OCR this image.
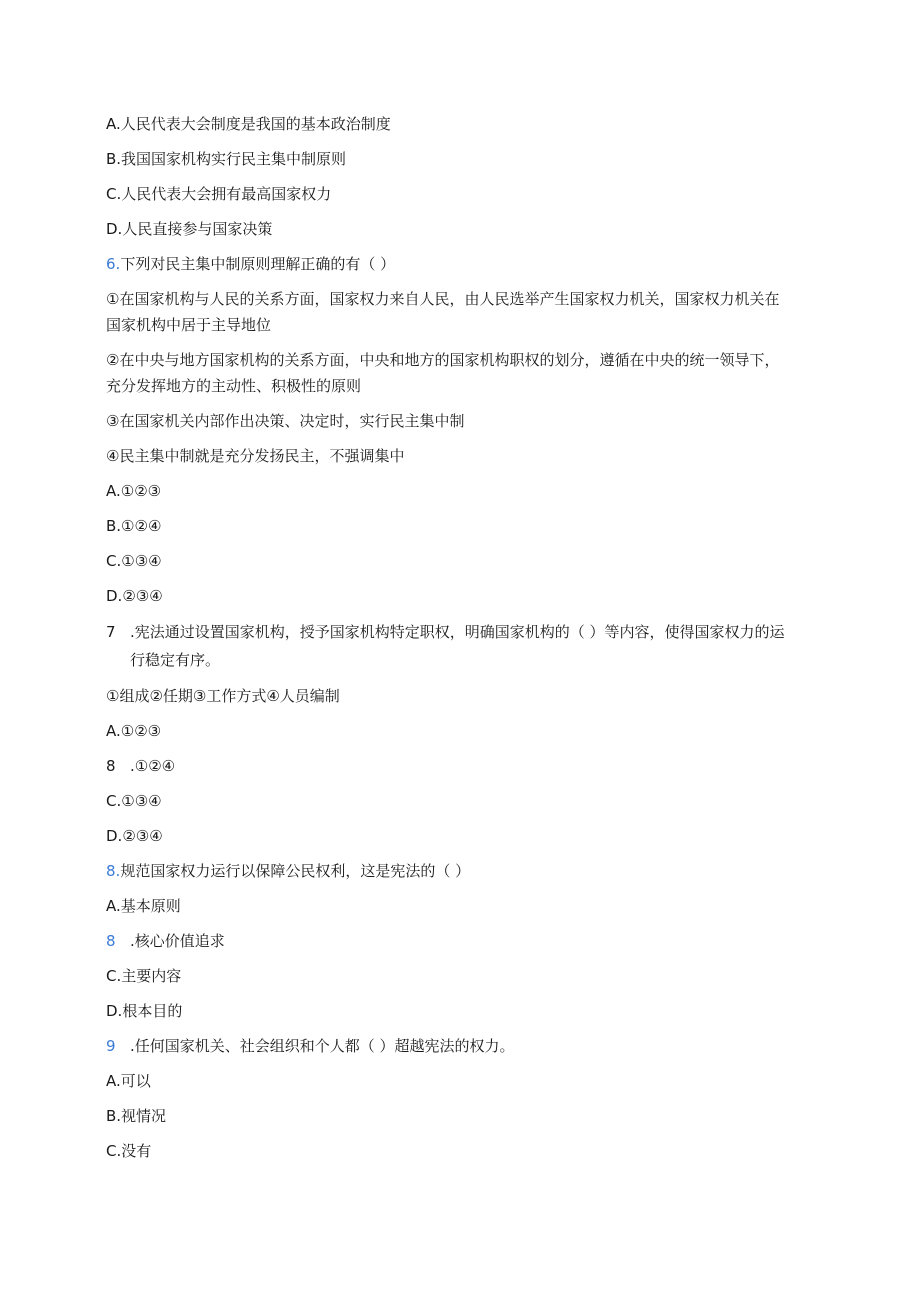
A.人民代表大会制度是我国的基本政治制度
B.我国国家机构实行民主集中制原则
C.人民代表大会拥有最高国家权力
D.人民直接参与国家决策
6.下列对民主集中制原则理解正确的有（ ）
①在国家机构与人民的关系方面，国家权力来自人民，由人民选举产生国家权力机关，国家权力机关在
国家机构中居于主导地位
②在中央与地方国家机构的关系方面，中央和地方的国家机构职权的划分，遵循在中央的统一领导下，
充分发挥地方的主动性、积极性的原则
③在国家机关内部作出决策、决定时，实行民主集中制
④民主集中制就是充分发扬民主，不强调集中
A.①②③
B.①②④
C.①③④
D.②③④
7 .宪法通过设置国家机构，授予国家机构特定职权，明确国家机构的（ ）等内容，使得国家权力的运
行稳定有序。
①组成②任期③工作方式④人员编制
A.①②③
8 .①②④
C.①③④
D.②③④
8.规范国家权力运行以保障公民权利，这是宪法的（ ）
A.基本原则
8 .核心价值追求
C.主要内容
D.根本目的
9 .任何国家机关、社会组织和个人都（ ）超越宪法的权力。
A.可以
B.视情况
C.没有
